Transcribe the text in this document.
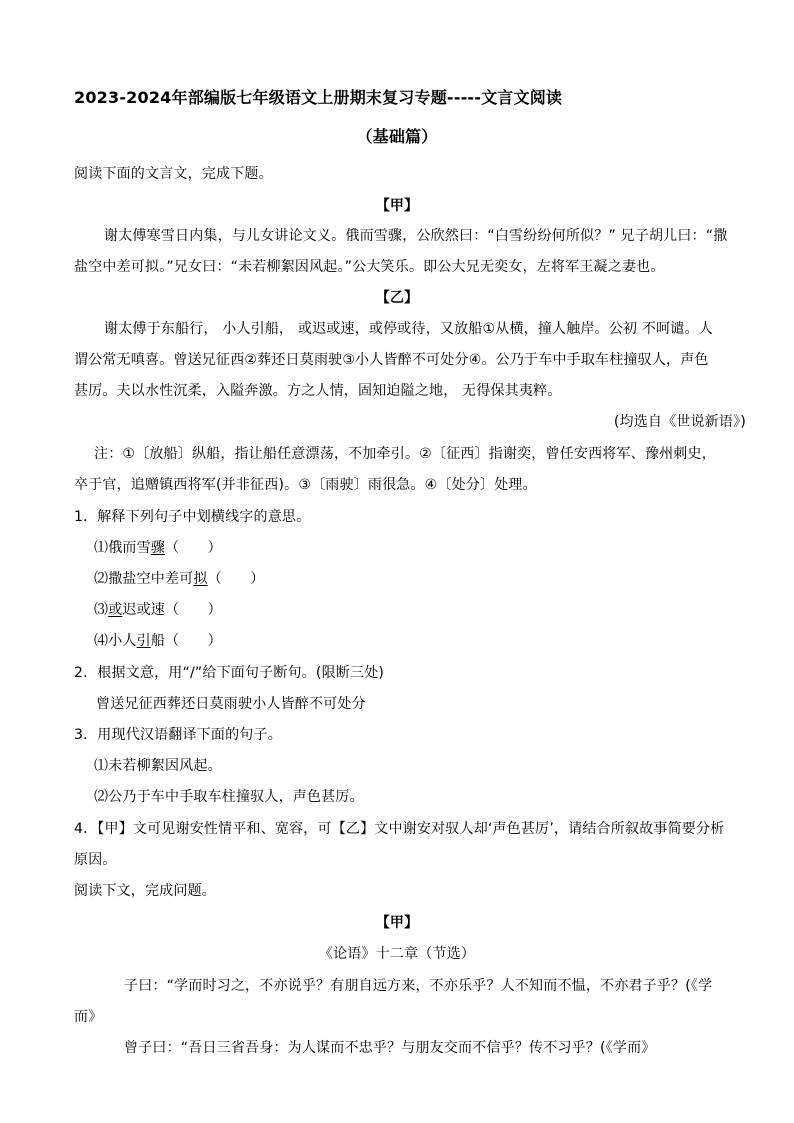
2023-2024年部编版七年级语文上册期末复习专题-----文言文阅读
（基础篇）
阅读下面的文言文，完成下题。
【甲】
谢太傅寒雪日内集，与儿女讲论文义。俄而雪骤，公欣然曰：“白雪纷纷何所似？” 兄子胡儿曰：“撒
盐空中差可拟。”兄女曰：“未若柳絮因风起。”公大笑乐。即公大兄无奕女，左将军王凝之妻也。
【乙】
谢太傅于东船行， 小人引船， 或迟或速，或停或待，又放船①从横，撞人触岸。公初 不呵谴。人
谓公常无嗔喜。曾送兄征西②葬还日莫雨驶③小人皆醉不可处分④。公乃于车中手取车柱撞驭人，声色
甚厉。夫以水性沉柔，入隘奔激。方之人情，固知迫隘之地， 无得保其夷粹。
(均选自《世说新语》)
注：①〔放船〕纵船，指让船任意漂荡，不加牵引。②〔征西〕指谢奕，曾任安西将军、豫州刺史，
卒于官，追赠镇西将军(并非征西)。③〔雨驶〕雨很急。④〔处分〕处理。
1．解释下列句子中划横线字的意思。
⑴俄而雪骤（　　）
⑵撒盐空中差可拟（　　）
⑶或迟或速（　　）
⑷小人引船（　　）
2．根据文意，用“/”给下面句子断句。(限断三处)
曾送兄征西葬还日莫雨驶小人皆醉不可处分
3．用现代汉语翻译下面的句子。
⑴未若柳絮因风起。
⑵公乃于车中手取车柱撞驭人，声色甚厉。
4．【甲】文可见谢安性情平和、宽容，可【乙】文中谢安对驭人却‘声色甚厉’，请结合所叙故事简要分析
原因。
阅读下文，完成问题。
【甲】
《论语》十二章（节选）
子曰：“学而时习之，不亦说乎？有朋自远方来，不亦乐乎？人不知而不愠，不亦君子乎？(《学
而》
曾子曰：“吾日三省吾身：为人谋而不忠乎？与朋友交而不信乎？传不习乎？(《学而》
